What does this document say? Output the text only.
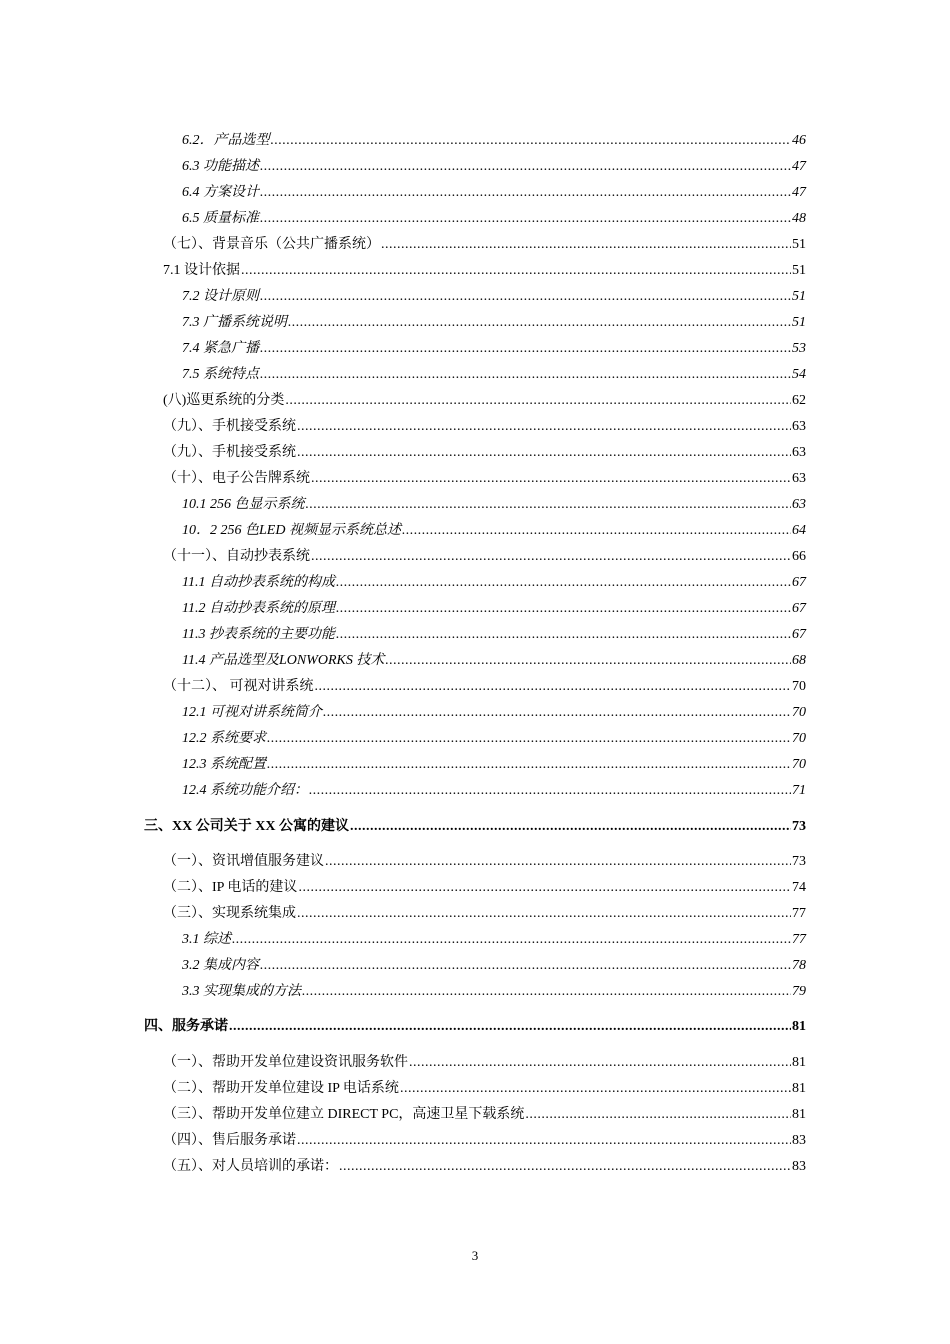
6.2．产品选型 .....	46
6.3 功能描述 .....	47
6.4 方案设计 .....	47
6.5 质量标准 .....	48
（七）、背景音乐（公共广播系统） .....	51
7.1 设计依据 .....	51
7.2 设计原则 .....	51
7.3 广播系统说明 .....	51
7.4 紧急广播 .....	53
7.5 系统特点 .....	54
(八)巡更系统的分类 .....	62
（九）、手机接受系统 .....	63
（九）、手机接受系统 .....	63
（十）、电子公告牌系统 .....	63
10.1 256 色显示系统 .....	63
10．2 256 色LED 视频显示系统总述 .....	64
（十一）、自动抄表系统 .....	66
11.1 自动抄表系统的构成 .....	67
11.2 自动抄表系统的原理 .....	67
11.3 抄表系统的主要功能 .....	67
11.4 产品选型及LONWORKS 技术 .....	68
（十二）、 可视对讲系统 .....	70
12.1 可视对讲系统简介 .....	70
12.2 系统要求 .....	70
12.3 系统配置 .....	70
12.4 系统功能介绍： .....	71
三、XX 公司关于 XX 公寓的建议 .....	73
（一）、资讯增值服务建议 .....	73
（二）、IP 电话的建议 .....	74
（三）、实现系统集成 .....	77
3.1 综述 .....	77
3.2 集成内容 .....	78
3.3 实现集成的方法 .....	79
四、服务承诺 .....	81
（一）、帮助开发单位建设资讯服务软件 .....	81
（二）、帮助开发单位建设 IP 电话系统 .....	81
（三）、帮助开发单位建立 DIRECT PC，高速卫星下载系统 .....	81
（四）、售后服务承诺 .....	83
（五）、对人员培训的承诺： .....	83
3
